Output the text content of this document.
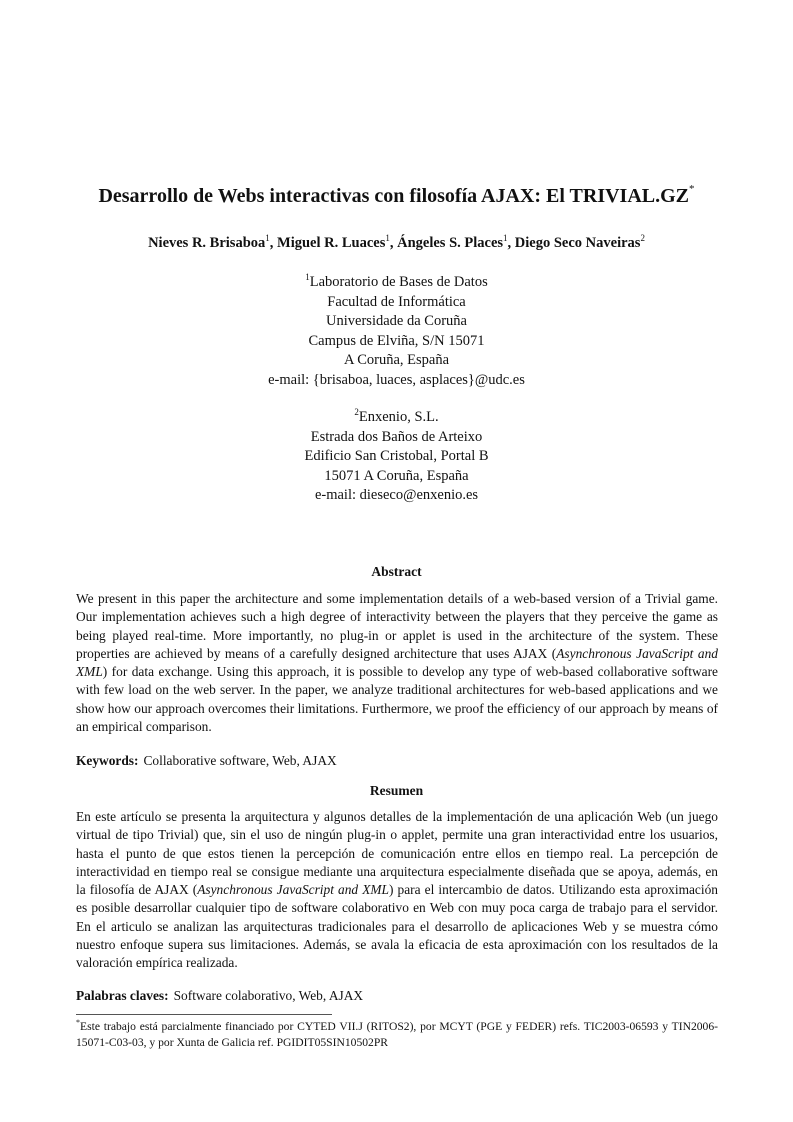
Desarrollo de Webs interactivas con filosofía AJAX: El TRIVIAL.GZ*
Nieves R. Brisaboa$^1$, Miguel R. Luaces$^1$, Ángeles S. Places$^1$, Diego Seco Naveiras$^2$
$^1$Laboratorio de Bases de Datos
Facultad de Informática
Universidade da Coruña
Campus de Elviña, S/N 15071
A Coruña, España
e-mail: {brisaboa, luaces, asplaces}@udc.es
$^2$Enxenio, S.L.
Estrada dos Baños de Arteixo
Edificio San Cristobal, Portal B
15071 A Coruña, España
e-mail: dieseco@enxenio.es
Abstract
We present in this paper the architecture and some implementation details of a web-based version of a Trivial game. Our implementation achieves such a high degree of interactivity between the players that they perceive the game as being played real-time. More importantly, no plug-in or applet is used in the architecture of the system. These properties are achieved by means of a carefully designed architecture that uses AJAX (Asynchronous JavaScript and XML) for data exchange. Using this approach, it is possible to develop any type of web-based collaborative software with few load on the web server. In the paper, we analyze traditional architectures for web-based applications and we show how our approach overcomes their limitations. Furthermore, we proof the efficiency of our approach by means of an empirical comparison.
Keywords: Collaborative software, Web, AJAX
Resumen
En este artículo se presenta la arquitectura y algunos detalles de la implementación de una aplicación Web (un juego virtual de tipo Trivial) que, sin el uso de ningún plug-in o applet, permite una gran interactividad entre los usuarios, hasta el punto de que estos tienen la percepción de comunicación entre ellos en tiempo real. La percepción de interactividad en tiempo real se consigue mediante una arquitectura especialmente diseñada que se apoya, además, en la filosofía de AJAX (Asynchronous JavaScript and XML) para el intercambio de datos. Utilizando esta aproximación es posible desarrollar cualquier tipo de software colaborativo en Web con muy poca carga de trabajo para el servidor. En el articulo se analizan las arquitecturas tradicionales para el desarrollo de aplicaciones Web y se muestra cómo nuestro enfoque supera sus limitaciones. Además, se avala la eficacia de esta aproximación con los resultados de la valoración empírica realizada.
Palabras claves: Software colaborativo, Web, AJAX
*Este trabajo está parcialmente financiado por CYTED VII.J (RITOS2), por MCYT (PGE y FEDER) refs. TIC2003-06593 y TIN2006-15071-C03-03, y por Xunta de Galicia ref. PGIDIT05SIN10502PR
